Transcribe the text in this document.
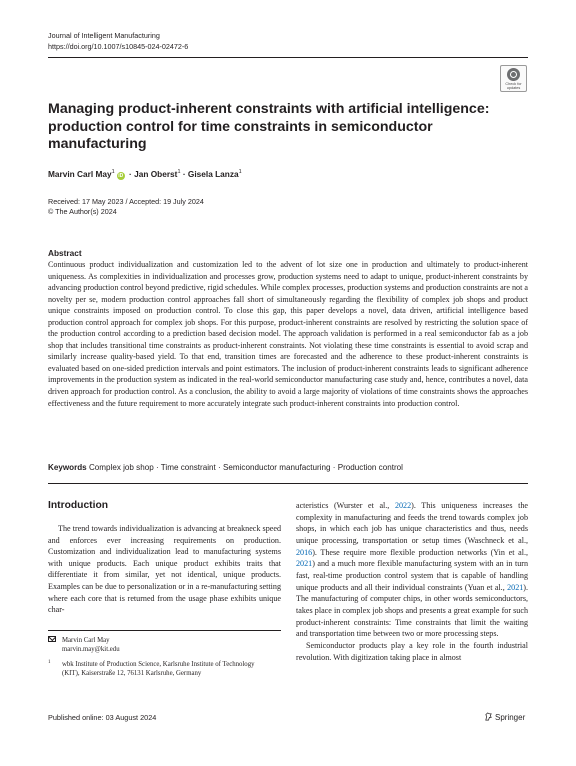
Journal of Intelligent Manufacturing
https://doi.org/10.1007/s10845-024-02472-6
Check for updates
Managing product-inherent constraints with artificial intelligence:
production control for time constraints in semiconductor
manufacturing
Marvin Carl May$^1$iD · Jan Oberst$^1$ · Gisela Lanza$^1$
Received: 17 May 2023 / Accepted: 19 July 2024
© The Author(s) 2024
Abstract
Continuous product individualization and customization led to the advent of lot size one in production and ultimately to product-inherent uniqueness. As complexities in individualization and processes grow, production systems need to adapt to unique, product-inherent constraints by advancing production control beyond predictive, rigid schedules. While complex processes, production systems and production constraints are not a novelty per se, modern production control approaches fall short of simultaneously regarding the flexibility of complex job shops and product unique constraints imposed on production control. To close this gap, this paper develops a novel, data driven, artificial intelligence based production control approach for complex job shops. For this purpose, product-inherent constraints are resolved by restricting the solution space of the production control according to a prediction based decision model. The approach validation is performed in a real semiconductor fab as a job shop that includes transitional time constraints as product-inherent constraints. Not violating these time constraints is essential to avoid scrap and similarly increase quality-based yield. To that end, transition times are forecasted and the adherence to these product-inherent constraints is evaluated based on one-sided prediction intervals and point estimators. The inclusion of product-inherent constraints leads to significant adherence improvements in the production system as indicated in the real-world semiconductor manufacturing case study and, hence, contributes a novel, data driven approach for production control. As a conclusion, the ability to avoid a large majority of violations of time constraints shows the approaches effectiveness and the future requirement to more accurately integrate such product-inherent constraints into production control.
Keywords Complex job shop · Time constraint · Semiconductor manufacturing · Production control
Introduction

The trend towards individualization is advancing at breakneck speed and enforces ever increasing requirements on production. Customization and individualization lead to manufacturing systems with unique products. Each unique product exhibits traits that differentiate it from similar, yet not identical, unique products. Examples can be due to personalization or in a re-manufacturing setting where each core that is returned from the usage phase exhibits unique char-

acteristics (Wurster et al., 2022). This uniqueness increases the complexity in manufacturing and feeds the trend towards complex job shops, in which each job has unique characteristics and thus, needs unique processing, transportation or setup times (Waschneck et al., 2016). These require more flexible production networks (Yin et al., 2021) and a much more flexible manufacturing system with an in turn fast, real-time production control system that is capable of handling unique products and all their individual constraints (Yuan et al., 2021). The manufacturing of computer chips, in other words semiconductors, takes place in complex job shops and presents a great example for such product-inherent constraints: Time constraints that limit the waiting and transportation time between two or more processing steps.

Semiconductor products play a key role in the fourth industrial revolution. With digitization taking place in almost

Marvin Carl May
marvin.may@kit.edu
1 wbk Institute of Production Science, Karlsruhe Institute of Technology (KIT), Kaiserstraße 12, 76131 Karlsruhe, Germany
Published online: 03 August 2024	Springer
